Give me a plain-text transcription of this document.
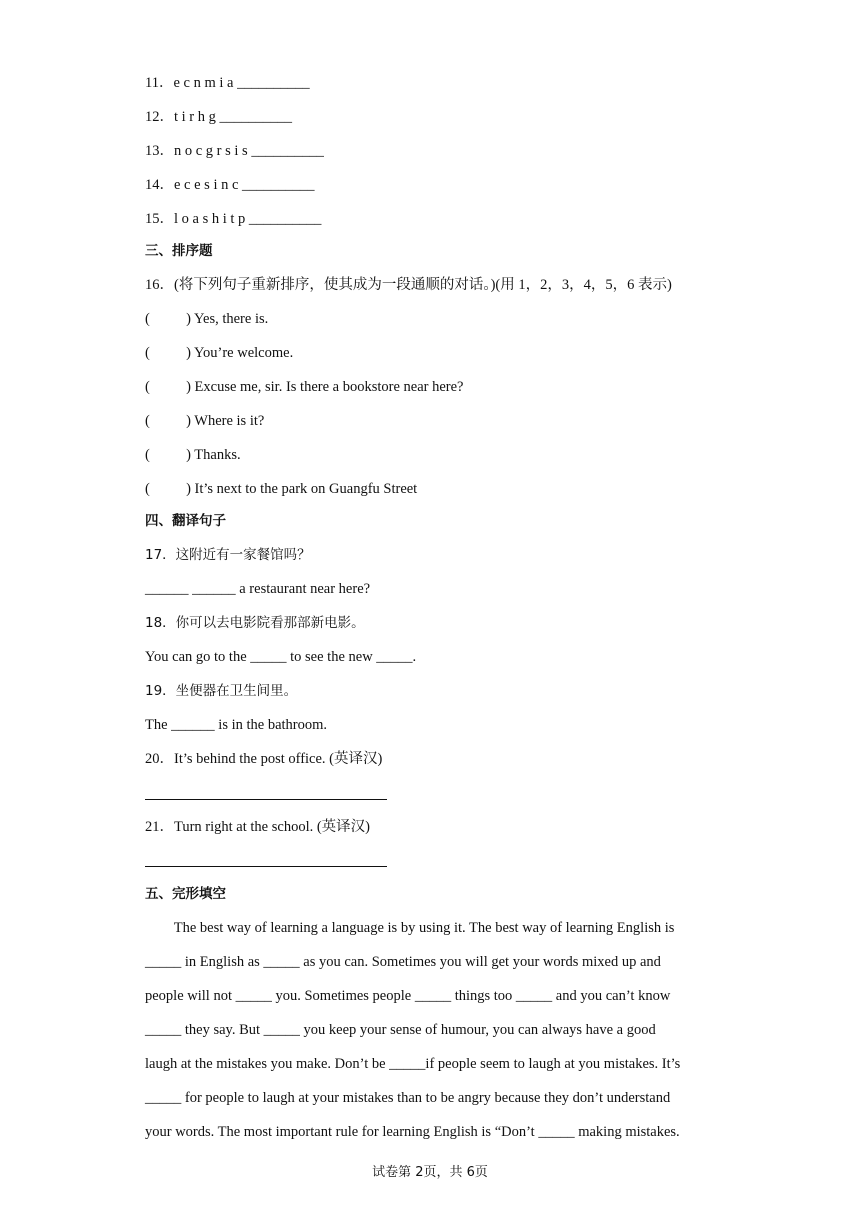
11．e c n m i a __________
12．t i r h g __________
13．n o c g r s i s __________
14．e c e s i n c __________
15．l o a s h i t p __________
三、排序题
16．(将下列句子重新排序，使其成为一段通顺的对话。)(用 1，2，3，4，5，6 表示)
(          ) Yes, there is.
(          ) You’re welcome.
(          ) Excuse me, sir. Is there a bookstore near here?
(          ) Where is it?
(          ) Thanks.
(          ) It’s next to the park on Guangfu Street
四、翻译句子
17．这附近有一家餐馆吗？
______ ______ a restaurant near here?
18．你可以去电影院看那部新电影。
You can go to the _____ to see the new _____.
19．坐便器在卫生间里。
The ______ is in the bathroom.
20．It’s behind the post office. (英译汉)
21．Turn right at the school. (英译汉)
五、完形填空
The best way of learning a language is by using it. The best way of learning English is
_____ in English as _____ as you can. Sometimes you will get your words mixed up and
people will not _____ you. Sometimes people _____ things too _____ and you can’t know
_____ they say. But _____ you keep your sense of humour, you can always have a good
laugh at the mistakes you make. Don’t be _____if people seem to laugh at you mistakes. It’s
_____ for people to laugh at your mistakes than to be angry because they don’t understand
your words. The most important rule for learning English is “Don’t _____ making mistakes.
试卷第 2页，共 6页
